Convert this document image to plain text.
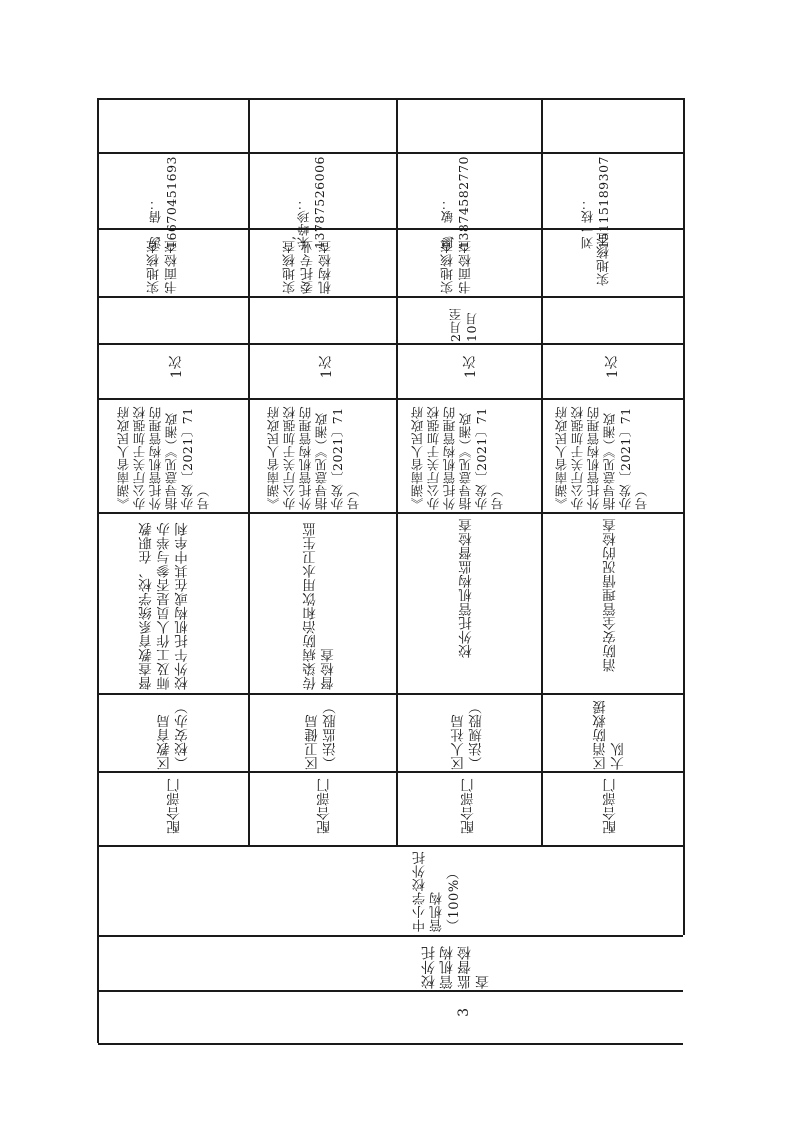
校外托管机构监督检查
中小学校外托管机构（100%）
2月至10月
配合部门
区教育局（校安办）
督查教育系统学校、在职教师及工作人员是否参与举办校外午托机构或在其中牟利
《湖南省人民政府办公厅关于加强校外托管机构管理的指导意见》（湘政办发〔2021〕71号）
1次
实地核查,书面检查
汤　倩：16670451693
配合部门
区卫健局（法监股）
传染病防治和饮用水卫生监督检查
《湖南省人民政府办公厅关于加强校外托管机构管理的指导意见》（湘政办发〔2021〕71号）
1次
实地核查,委托专业机构检查
朱峥珍：13787526006
配合部门
区人社局（法规股）
校外托管机构监督检查
《湖南省人民政府办公厅关于加强校外托管机构管理的指导意见》（湘政办发〔2021〕71号）
1次
实地核查,书面检查
廖　敏：13874582770
配合部门
区消防救援大队
消防安全管理情况的检查
《湖南省人民政府办公厅关于加强校外托管机构管理的指导意见》（湘政办发〔2021〕71号）
1次
实地核查
刘一枝：15115189307
3
